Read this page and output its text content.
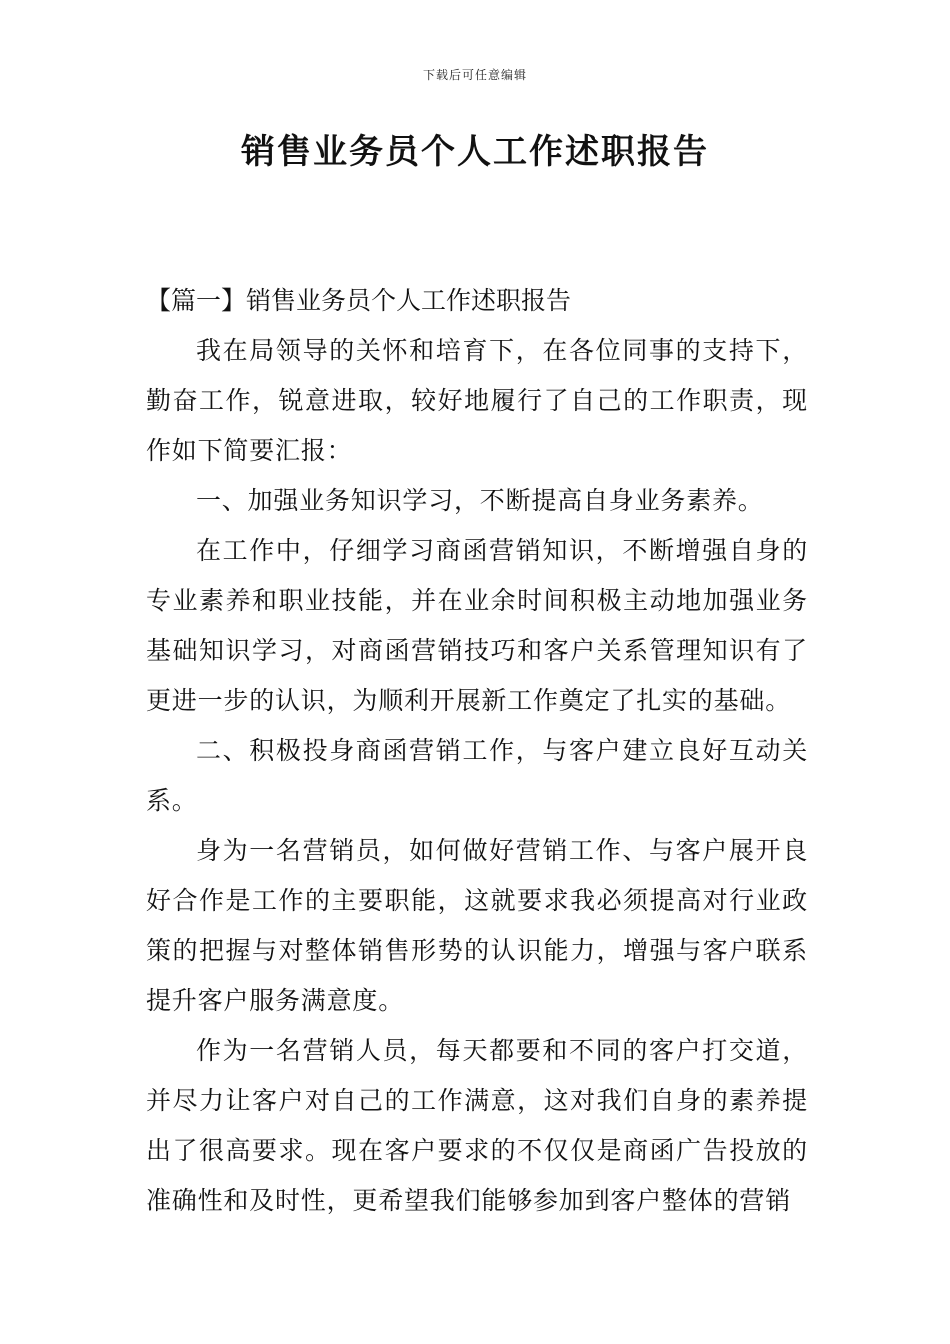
下载后可任意编辑
销售业务员个人工作述职报告

【篇一】销售业务员个人工作述职报告

我在局领导的关怀和培育下，在各位同事的支持下，勤奋工作，锐意进取，较好地履行了自己的工作职责，现作如下简要汇报：

一、加强业务知识学习，不断提高自身业务素养。

在工作中，仔细学习商函营销知识，不断增强自身的专业素养和职业技能，并在业余时间积极主动地加强业务基础知识学习，对商函营销技巧和客户关系管理知识有了更进一步的认识，为顺利开展新工作奠定了扎实的基础。

二、积极投身商函营销工作，与客户建立良好互动关系。

身为一名营销员，如何做好营销工作、与客户展开良好合作是工作的主要职能，这就要求我必须提高对行业政策的把握与对整体销售形势的认识能力，增强与客户联系提升客户服务满意度。

作为一名营销人员，每天都要和不同的客户打交道，并尽力让客户对自己的工作满意，这对我们自身的素养提出了很高要求。现在客户要求的不仅仅是商函广告投放的准确性和及时性，更希望我们能够参加到客户整体的营销
